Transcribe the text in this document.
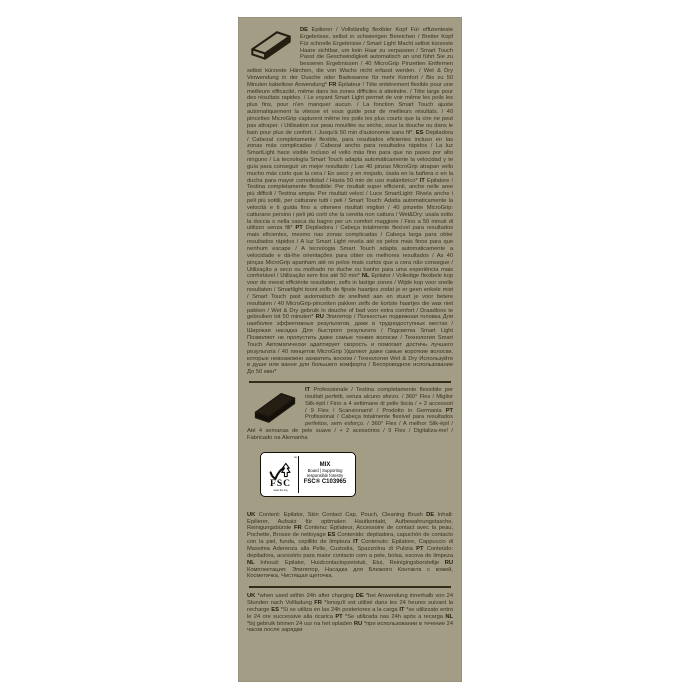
DE Epilierer / Vollständig flexibler Kopf Für effizienteste Ergebnisse, selbst in schwierigen Bereichen / Breiter Kopf Für schnelle Ergebnisse / Smart Light Macht selbst kürzeste Haare sichtbar, um kein Haar zu verpassen / Smart Touch Passt die Geschwindigkeit automatisch an und führt Sie zu besseren Ergebnissen / 40 MicroGrip Pinzetten Entfernen selbst kürzeste Härchen, die von Wachs nicht erfasst werden. / Wet & Dry Verwendung in der Dusche oder Badewanne für mehr Komfort / Bis zu 50 Minuten kabellose Anwendung* FR Épilateur / Tête entièrement flexible pour une meilleure efficacité, même dans les zones difficiles à atteindre. / Tête large pour des résultats rapides. / Le voyant Smart Light permet de voir même les poils les plus fins, pour n'en manquer aucun. / La fonction Smart Touch ajuste automatiquement la vitesse et vous guide pour de meilleurs résultats. / 40 pincettes MicroGrip capturent même les poils les plus courts que la cire ne peut pas attraper. / Utilisation sur peau mouillée ou sèche, sous la douche ou dans le bain pour plus de confort. / Jusqu'à 50 min d'autonomie sans fil*. ES Depiladora / Cabezal completamente flexible, para resultados eficientes incluso en las zonas más complicadas / Cabezal ancho para resultados rápidos / La luz SmartLight hace visible incluso el vello más fino para que no pases por alto ninguno / La tecnología Smart Touch adapta automáticamente la velocidad y te guía para conseguir un mejor resultado / Las 40 pinzas MicroGrip atrapan vello mucho más corto que la cera / En seco y en mojado, úsala en la bañera o en la ducha para mayor comodidad / Hasta 50 min de uso inalámbrico* IT Epilatore / Testina completamente flessibile: Per risultati super efficienti, anche nelle aree più difficili / Testina ampia: Per risultati veloci / Luce SmartLight: Rivela anche i peli più sottili, per catturare tutti i peli / Smart Touch: Adatta automaticamente la velocità e ti guida fino a ottenere risultati migliori / 40 pinzette MicroGrip: catturano persino i peli più corti che la ceretta non cattura / Wet&Dry: usala sotto la doccia o nella vasca da bagno per un comfort maggiore / Fino a 50 minuti di utilizzo senza fili* PT Depiladora / Cabeça totalmente flexível para resultados mais eficientes, mesmo nas zonas complicadas / Cabeça larga para obter resultados rápidos / A luz Smart Light revela até os pelos mais finos para que nenhum escape / A tecnologia Smart Touch adapta automaticamente a velocidade e dá-lhe orientações para obter os melhores resultados / As 40 pinças MicroGrip apanham até os pelos mais curtos que a cera não consegue / Utilização a seco ou molhado no duche ou banho para uma experiência mais confortável / Utilização sem fios até 50 min* NL Epilator / Volledige flexibele kop voor de meest efficiënte resultaten, zelfs in lastige zones / Wijde kop voor snelle resultaten / Smartlight toont zelfs de fijnste haartjes zodat je er geen enkele mist / Smart Touch past automatisch de snelheid aan en stuurt je voor betere resultaten / 40 MicroGrip-pincetten pakken zelfs de kortste haartjes die wax niet pakken / Wet & Dry gebruik in douche of bad voor extra comfort / Draadloos te gebruiken tot 50 minuten* RU Эпилятор / Полностью подвижная головка Для наиболее эффективных результатов, даже в труднодоступных местах / Широкая насадка Для быстрого результата / Подсветка Smart Light Позволяет не пропустить даже самые тонкие волоски / Технология Smart Touch Автоматически адаптирует скорость и помогает достичь лучшего результата / 40 пинцетов MicroGrip Удаляют даже самые короткие волоски, которые невозможно захватить воском / Технология Wet & Dry Используйте в душе или ванне для большего комфорта / Беспроводное использование До 50 мин*

IT Professionale / Testina completamente flessibile per risultati perfetti, senza alcuno sforzo. / 360° Flex / Miglior Silk-épil / Fino a 4 settimane di pelle liscia / + 2 accessori / 9 Flex / Scansionami! / Prodotto in Germania PT Profissional / Cabeça totalmente flexível para resultados perfeitos, sem esforço. / 360° Flex / A melhor Silk-épil / Até 4 semanas de pele suave / + 2 acessórios / 9 Flex / Digitaliza-me! / Fabricado na Alemanha

™
FSC
www.fsc.org
MIX
Board | Supporting
responsible forestry
FSC® C103965

UK Content: Epilator, Skin Contact Cap, Pouch, Cleaning Brush DE Inhalt: Epilierer, Aufsatz für optimalen Hautkontakt, Aufbewahrungstasche, Reinigungsbürste FR Contenu: Épilateur, Accessoire de contact avec la peau, Pochette, Brosse de nettoyage ES Contenido: depiladora, capuchón de contacto con la piel, funda, cepillito de limpieza IT Contenuto: Epilatore, Cappuccio di Massima Aderenza alla Pelle, Custodia, Spazzolina di Pulizia PT Conteúdo: depiladora, acessório para maior contacto com a pele, bolsa, escova de limpeza NL Inhoud: Epilator, Huidcontactopzetstuk, Etui, Reinigingsborsteltje RU Комплектация: Эпилятор, Насадка для Близкого Контакта с кожей, Косметичка, Чистящая щеточка.

UK *when used within 24h after charging DE *bei Anwendung innerhalb von 24 Stunden nach Vollladung FR *lorsqu'il est utilisé dans les 24 heures suivant la recharge ES *Si se utiliza en las 24h posteriores a la carga IT *se utilizzato entro le 24 ore successive alla ricarica PT *Se utilizada nas 24h após a recarga NL *bij gebruik binnen 24 uur na het opladen RU *при использовании в течение 24 часов после зарядки
